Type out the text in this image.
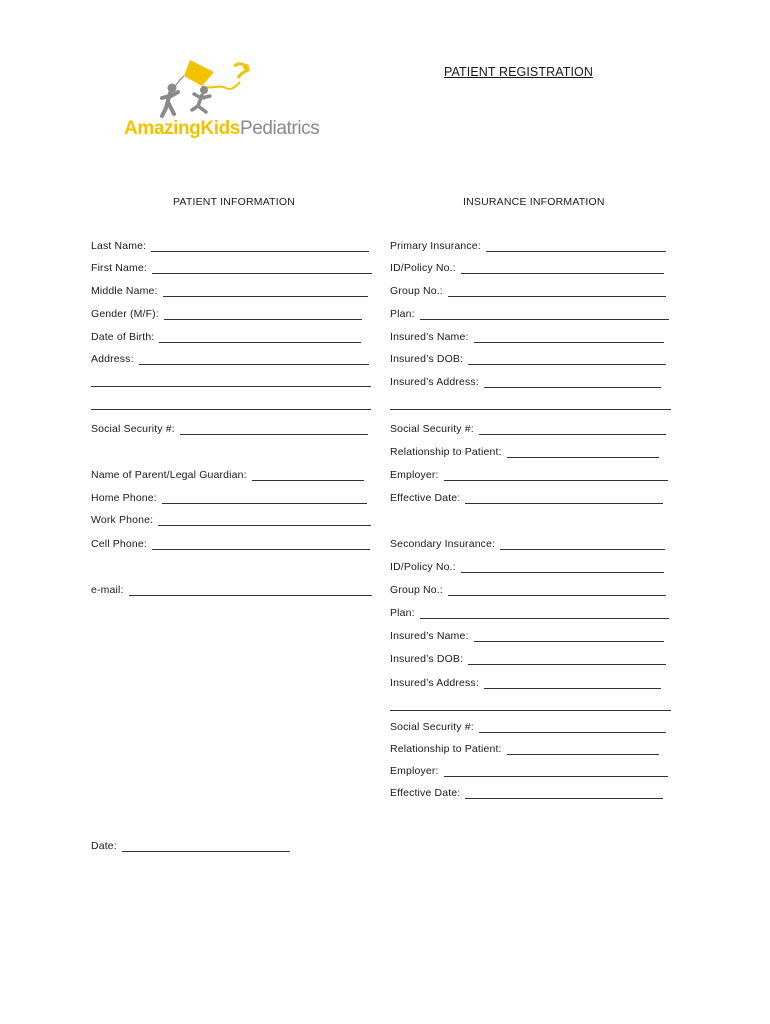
AmazingKidsPediatrics
PATIENT REGISTRATION
PATIENT INFORMATION	INSURANCE INFORMATION
Last Name:
First Name:
Middle Name:
Gender (M/F):
Date of Birth:
Address:
Social Security #:
Name of Parent/Legal Guardian:
Home Phone:
Work Phone:
Cell Phone:
e-mail:
Primary Insurance:
ID/Policy No.:
Group No.:
Plan:
Insured’s Name:
Insured’s DOB:
Insured’s Address:
Social Security #:
Relationship to Patient:
Employer:
Effective Date:
Secondary Insurance:
ID/Policy No.:
Group No.:
Plan:
Insured’s Name:
Insured’s DOB:
Insured’s Address:
Social Security #:
Relationship to Patient:
Employer:
Effective Date:
Date:
